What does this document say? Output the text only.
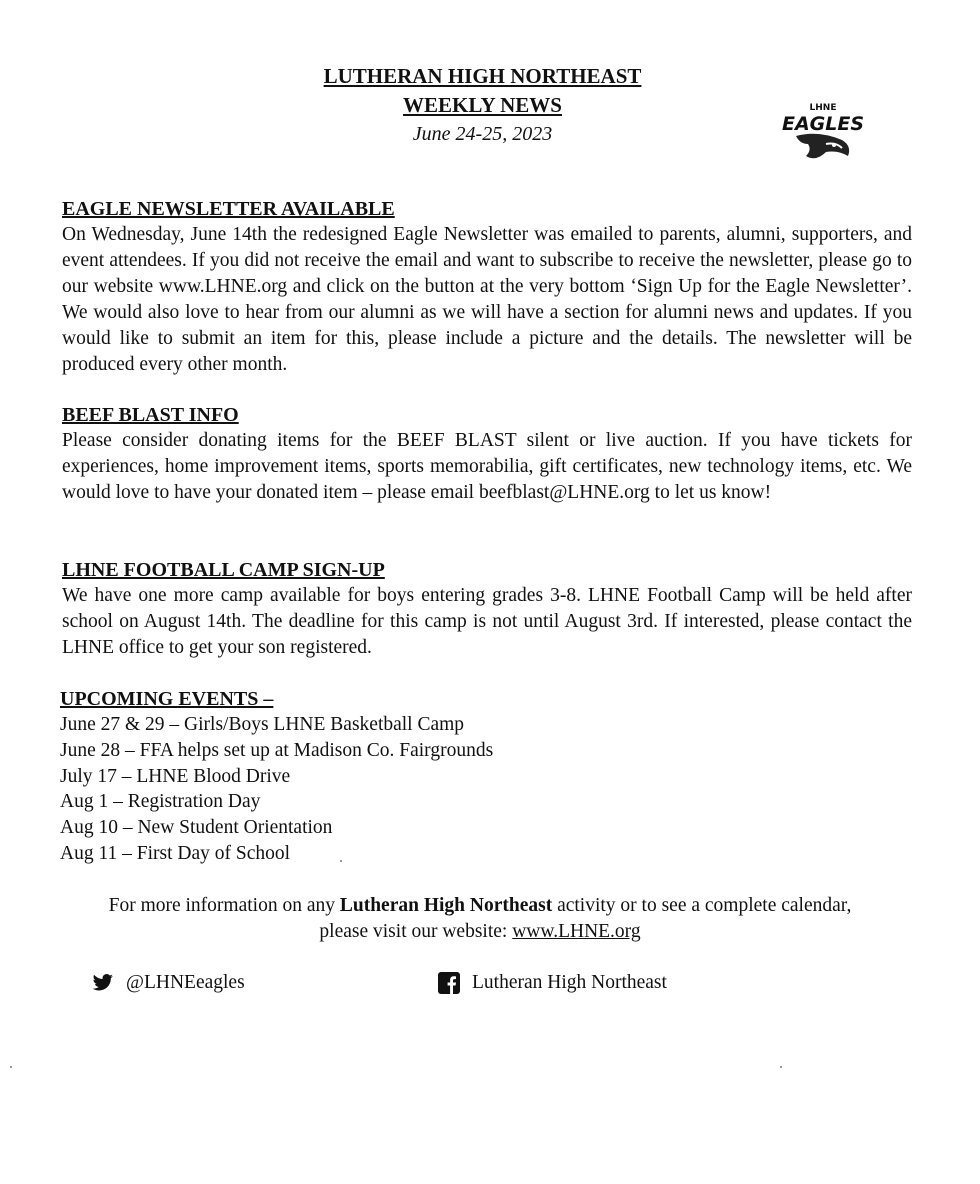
LUTHERAN HIGH NORTHEAST
WEEKLY NEWS
June 24-25, 2023
LHNE
EAGLES
EAGLE NEWSLETTER AVAILABLE
On Wednesday, June 14th the redesigned Eagle Newsletter was emailed to parents, alumni, supporters, and event attendees. If you did not receive the email and want to subscribe to receive the newsletter, please go to our website www.LHNE.org and click on the button at the very bottom ‘Sign Up for the Eagle Newsletter’. We would also love to hear from our alumni as we will have a section for alumni news and updates. If you would like to submit an item for this, please include a picture and the details. The newsletter will be produced every other month.
BEEF BLAST INFO
Please consider donating items for the BEEF BLAST silent or live auction. If you have tickets for experiences, home improvement items, sports memorabilia, gift certificates, new technology items, etc. We would love to have your donated item – please email beefblast@LHNE.org to let us know!
LHNE FOOTBALL CAMP SIGN-UP
We have one more camp available for boys entering grades 3-8. LHNE Football Camp will be held after school on August 14th. The deadline for this camp is not until August 3rd. If interested, please contact the LHNE office to get your son registered.
UPCOMING EVENTS –
June 27 & 29 – Girls/Boys LHNE Basketball Camp
June 28 – FFA helps set up at Madison Co. Fairgrounds
July 17 – LHNE Blood Drive
Aug 1 – Registration Day
Aug 10 – New Student Orientation
Aug 11 – First Day of School
For more information on any Lutheran High Northeast activity or to see a complete calendar,
please visit our website: www.LHNE.org
@LHNEeagles	Lutheran High Northeast
